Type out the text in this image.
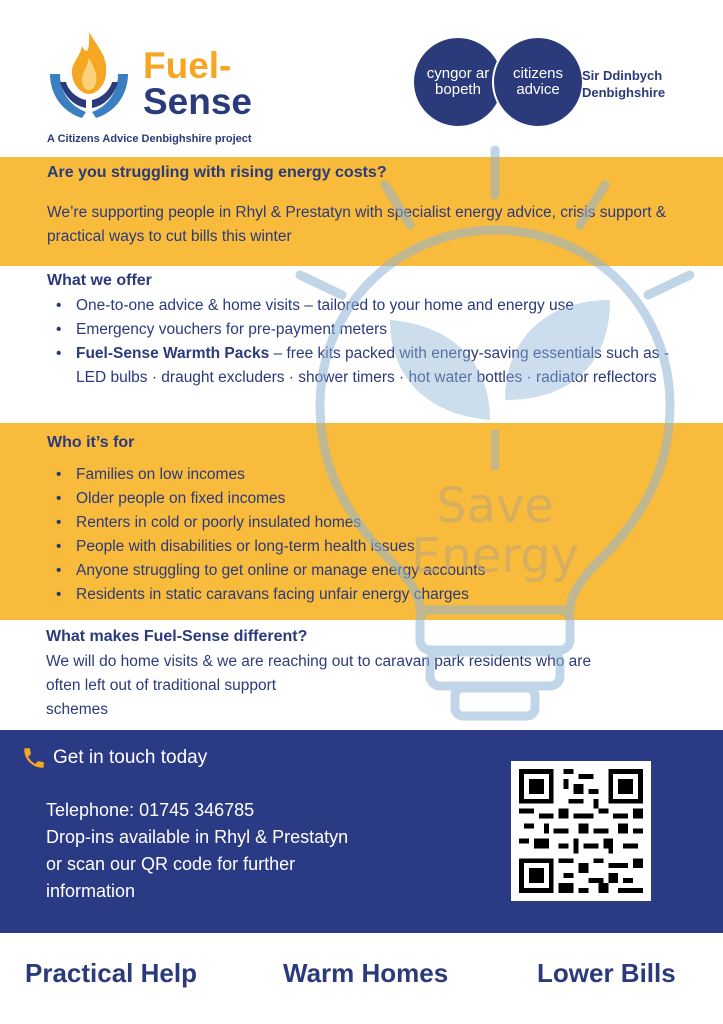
Fuel-
Sense
A Citizens Advice Denbighshire project
cyngor ar
bopeth
citizens
advice
Sir Ddinbych
Denbighshire
Are you struggling with rising energy costs?

We’re supporting people in Rhyl & Prestatyn with specialist energy advice, crisis support & practical ways to cut bills this winter

What we offer
• One-to-one advice & home visits – tailored to your home and energy use
• Emergency vouchers for pre-payment meters
• Fuel-Sense Warmth Packs – free kits packed with energy-saving essentials such as - LED bulbs · draught excluders · shower timers · hot water bottles · radiator reflectors
Who it’s for
• Families on low incomes
• Older people on fixed incomes
• Renters in cold or poorly insulated homes
• People with disabilities or long-term health issues
• Anyone struggling to get online or manage energy accounts
• Residents in static caravans facing unfair energy charges
What makes Fuel-Sense different?
We will do home visits & we are reaching out to caravan park residents who are
often left out of traditional support
schemes
Save
Energy
Get in touch today
Telephone: 01745 346785
Drop-ins available in Rhyl & Prestatyn
or scan our QR code for further
information
Practical Help	Warm Homes	Lower Bills
